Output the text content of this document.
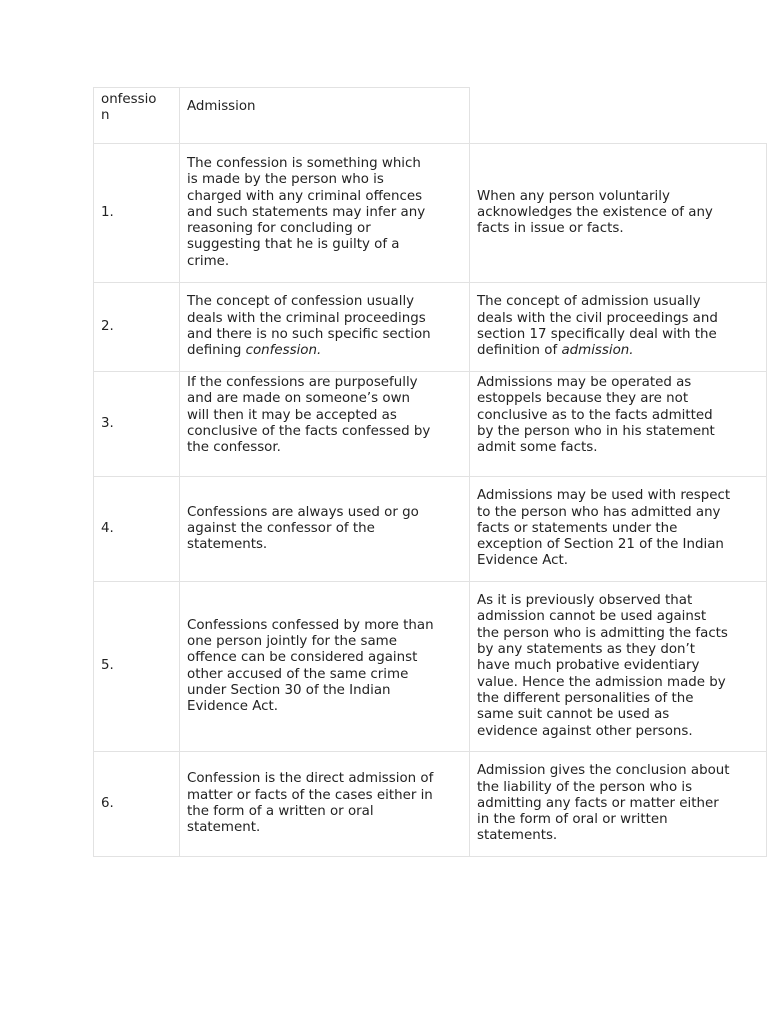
onfessio
n
Admission
1.
The confession is something which
is made by the person who is
charged with any criminal offences
and such statements may infer any
reasoning for concluding or
suggesting that he is guilty of a
crime.
When any person voluntarily
acknowledges the existence of any
facts in issue or facts.
2.
The concept of confession usually
deals with the criminal proceedings
and there is no such specific section
defining confession.
The concept of admission usually
deals with the civil proceedings and
section 17 specifically deal with the
definition of admission.
3.
If the confessions are purposefully
and are made on someone’s own
will then it may be accepted as
conclusive of the facts confessed by
the confessor.
Admissions may be operated as
estoppels because they are not
conclusive as to the facts admitted
by the person who in his statement
admit some facts.
4.
Confessions are always used or go
against the confessor of the
statements.
Admissions may be used with respect
to the person who has admitted any
facts or statements under the
exception of Section 21 of the Indian
Evidence Act.
5.
Confessions confessed by more than
one person jointly for the same
offence can be considered against
other accused of the same crime
under Section 30 of the Indian
Evidence Act.
As it is previously observed that
admission cannot be used against
the person who is admitting the facts
by any statements as they don’t
have much probative evidentiary
value. Hence the admission made by
the different personalities of the
same suit cannot be used as
evidence against other persons.
6.
Confession is the direct admission of
matter or facts of the cases either in
the form of a written or oral
statement.
Admission gives the conclusion about
the liability of the person who is
admitting any facts or matter either
in the form of oral or written
statements.
